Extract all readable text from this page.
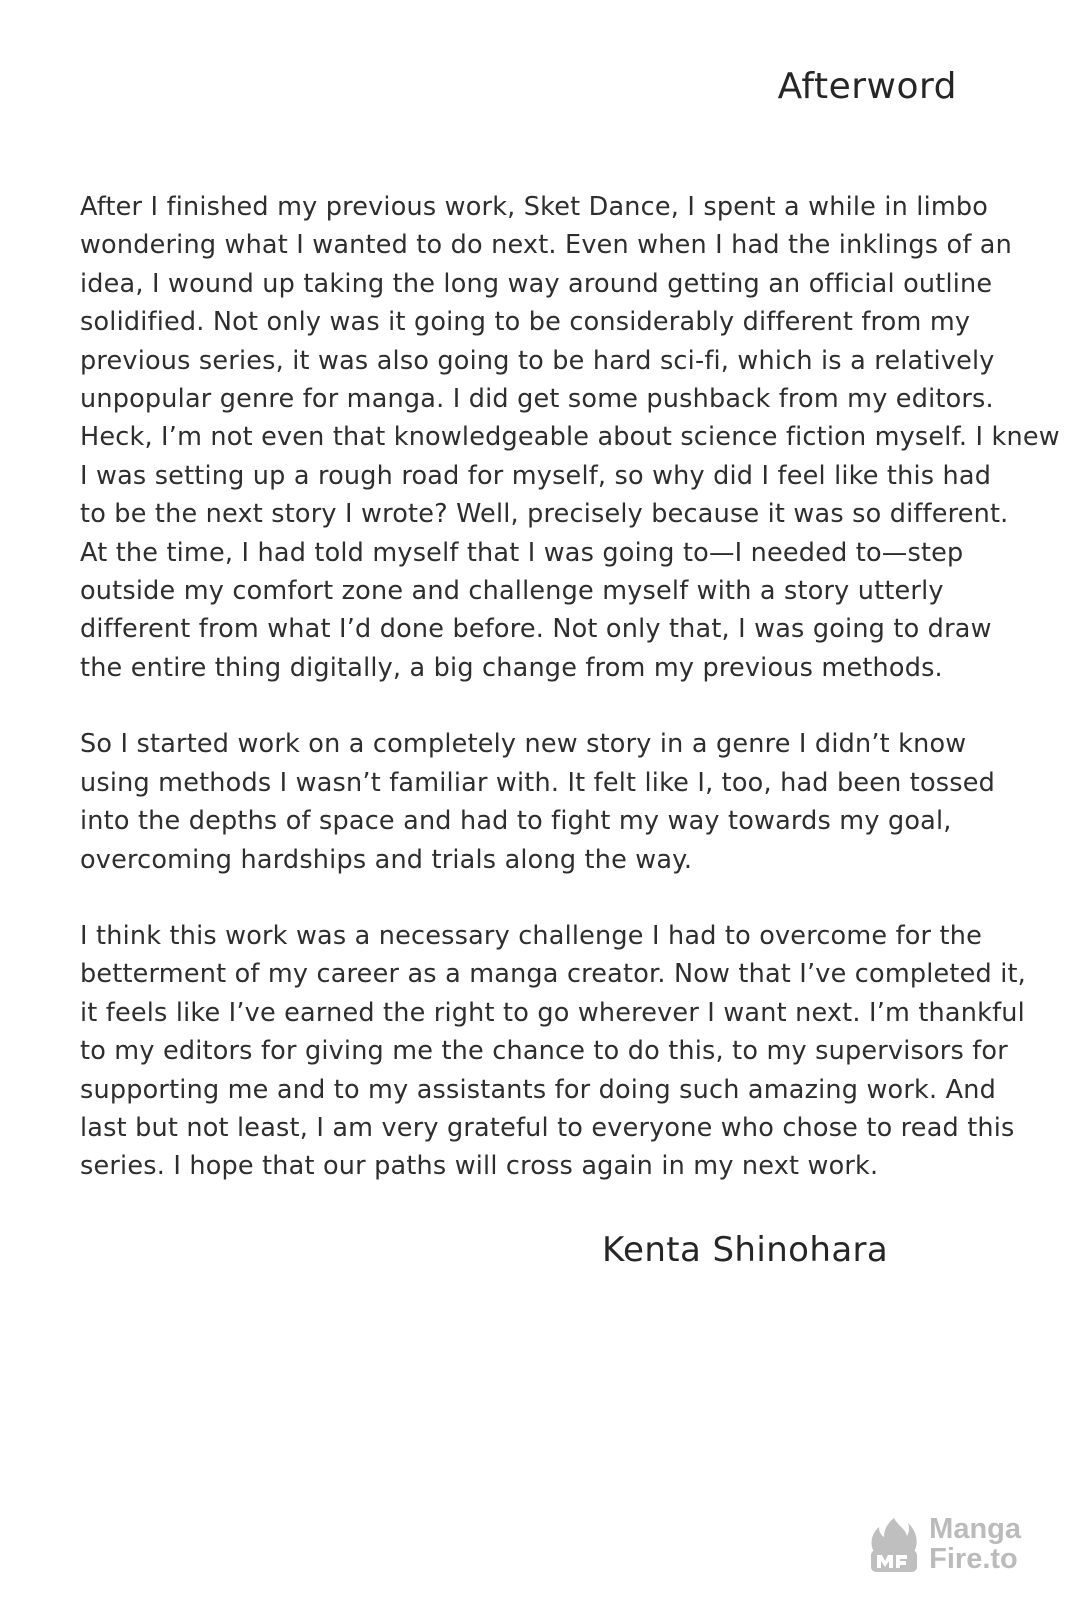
Afterword

After I finished my previous work, Sket Dance, I spent a while in limbo
wondering what I wanted to do next. Even when I had the inklings of an
idea, I wound up taking the long way around getting an official outline
solidified. Not only was it going to be considerably different from my
previous series, it was also going to be hard sci-fi, which is a relatively
unpopular genre for manga. I did get some pushback from my editors.
Heck, I’m not even that knowledgeable about science fiction myself. I knew
I was setting up a rough road for myself, so why did I feel like this had
to be the next story I wrote? Well, precisely because it was so different.
At the time, I had told myself that I was going to—I needed to—step
outside my comfort zone and challenge myself with a story utterly
different from what I’d done before. Not only that, I was going to draw
the entire thing digitally, a big change from my previous methods.

So I started work on a completely new story in a genre I didn’t know
using methods I wasn’t familiar with. It felt like I, too, had been tossed
into the depths of space and had to fight my way towards my goal,
overcoming hardships and trials along the way.

I think this work was a necessary challenge I had to overcome for the
betterment of my career as a manga creator. Now that I’ve completed it,
it feels like I’ve earned the right to go wherever I want next. I’m thankful
to my editors for giving me the chance to do this, to my supervisors for
supporting me and to my assistants for doing such amazing work. And
last but not least, I am very grateful to everyone who chose to read this
series. I hope that our paths will cross again in my next work.

Kenta Shinohara
Manga
Fire.to
